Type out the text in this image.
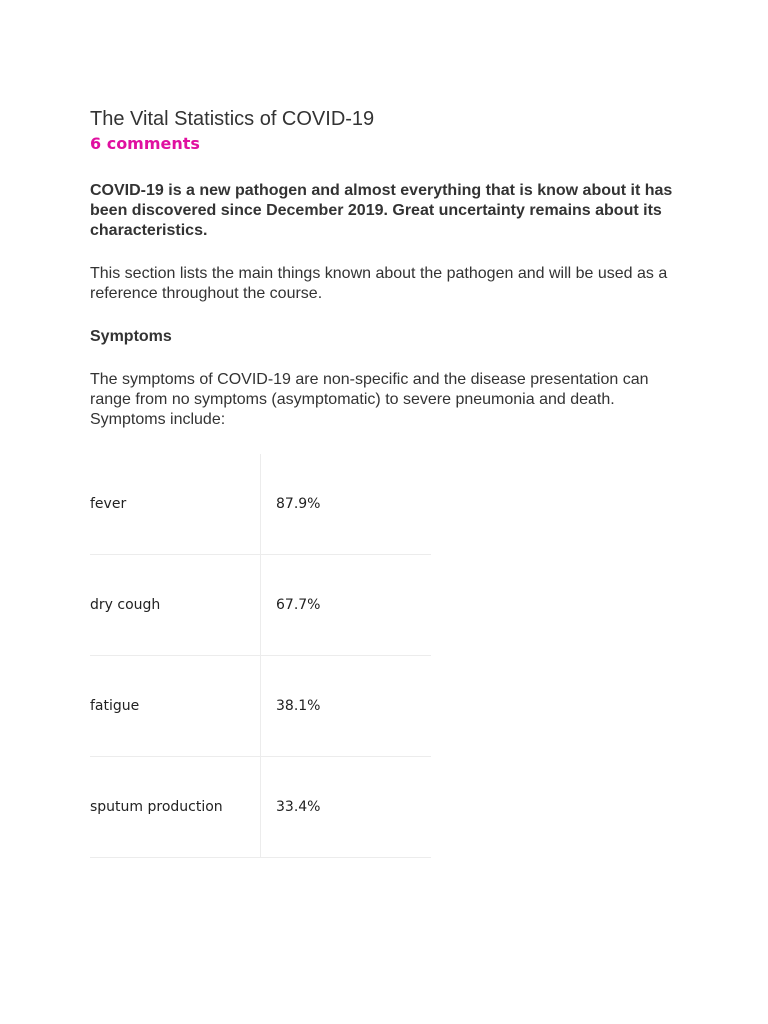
The Vital Statistics of COVID-19
6 comments

COVID-19 is a new pathogen and almost everything that is know about it has been discovered since December 2019. Great uncertainty remains about its characteristics.

This section lists the main things known about the pathogen and will be used as a reference throughout the course.

Symptoms

The symptoms of COVID-19 are non-specific and the disease presentation can range from no symptoms (asymptomatic) to severe pneumonia and death. Symptoms include:

fever	87.9%
dry cough	67.7%
fatigue	38.1%
sputum production	33.4%
